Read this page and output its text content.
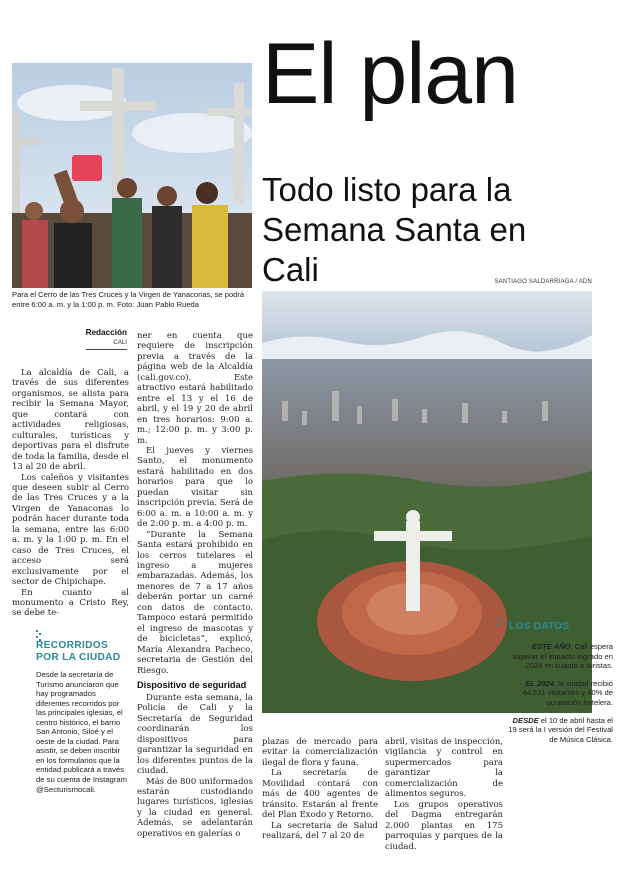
Para el Cerro de las Tres Cruces y la Virgen de Yanaconas, se podrá entre 6:00 a. m. y la 1:00 p. m. Foto: Juan Pablo Rueda
El plan
Todo listo para la Semana Santa en Cali	SANTIAGO SALDARRIAGA / ADN
Redacción
CALI

La alcaldía de Cali, a través de sus diferentes organismos, se alista para recibir la Semana Mayor, que contará con actividades religiosas, culturales, turísticas y deportivas para el disfrute de toda la familia, desde el 13 al 20 de abril.

Los caleños y visitantes que deseen subir al Cerro de las Tres Cruces y a la Virgen de Yanaconas lo podrán hacer durante toda la semana, entre las 6:00 a. m. y la 1:00 p. m. En el caso de Tres Cruces, el acceso será exclusivamente por el sector de Chipichape.

En cuanto al monumento a Cristo Rey, se debe te-

RECORRIDOS POR LA CIUDAD
Desde la secretaría de Turismo anunciaron que hay programados diferentes recorridos por las principales iglesias, el centro histórico, el barrio San Antonio, Siloé y el oeste de la ciudad. Para asistir, se deben inscribir en los formularios que la entidad publicará a través de su cuenta de Instagram @Secturismocali.

ner en cuenta que requiere de inscripción previa a través de la página web de la Alcaldía (cali.gov.co). Este atractivo estará habilitado entre el 13 y el 16 de abril, y el 19 y 20 de abril en tres horarios: 9:00 a. m.; 12:00 p. m. y 3:00 p. m.

El jueves y viernes Santo, el monumento estará habilitado en dos horarios para que lo puedan visitar sin inscripción previa. Será de 6:00 a. m. a 10:00 a. m. y de 2:00 p. m. a 4:00 p. m.

“Durante la Semana Santa estará prohibido en los cerros tutelares el ingreso a mujeres embarazadas. Además, los menores de 7 a 17 años deberán portar un carné con datos de contacto. Tampoco estará permitido el ingreso de mascotas y de bicicletas”, explicó, María Alexandra Pacheco, secretaria de Gestión del Riesgo.

Dispositivo de seguridad

Durante esta semana, la Policía de Cali y la Secretaría de Seguridad coordinarán los dispositivos para garantizar la seguridad en los diferentes puntos de la ciudad.

Más de 800 uniformados estarán custodiando lugares turísticos, iglesias y la ciudad en general. Además, se adelantarán operativos en galerías o

plazas de mercado para evitar la comercialización ilegal de flora y fauna.

La secretaría de Movilidad contará con más de 400 agentes de tránsito. Estarán al frente del Plan Éxodo y Retorno.

La secretaría de Salud realizará, del 7 al 20 de

abril, visitas de inspección, vigilancia y control en supermercados para garantizar la comercialización de alimentos seguros.

Los grupos operativos del Dagma entregarán 2.000 plantas en 175 parroquias y parques de la ciudad.

LOS DATOS
ESTE AÑO, Cali espera superar el impacto logrado en 2024 en cuanto a turistas.
EL 2024, la ciudad recibió 44.531 visitantes y 40% de ocupación hotelera.
DESDE el 10 de abril hasta el 19 será la I versión del Festival de Música Clásica.
